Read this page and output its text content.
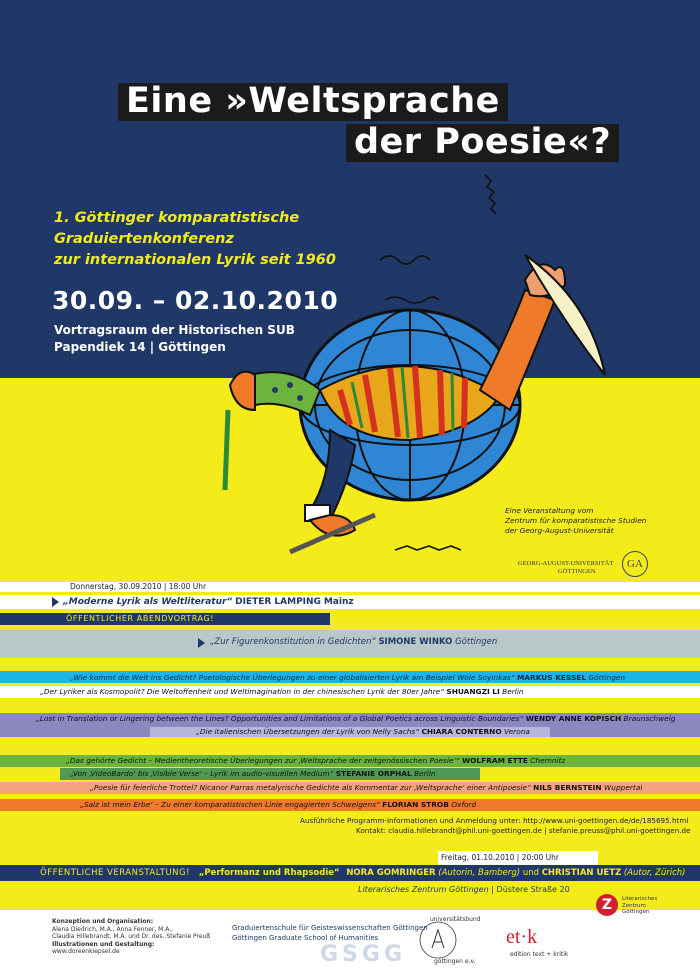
Eine »Weltsprache
der Poesie«?
1. Göttinger komparatistische
Graduiertenkonferenz
zur internationalen Lyrik seit 1960
30.09. – 02.10.2010
Vortragsraum der Historischen SUB
Papendiek 14 | Göttingen
Eine Veranstaltung vom
Zentrum für komparatistische Studien
der Georg-August-Universität
GEORG-AUGUST-UNIVERSITÄT
GÖTTINGEN
GA
Donnerstag, 30.09.2010 | 18:00 Uhr
„Moderne Lyrik als Weltliteratur“ DIETER LAMPING Mainz
ÖFFENTLICHER ABENDVORTRAG!
„Zur Figurenkonstitution in Gedichten“ SIMONE WINKO Göttingen
„Wie kommt die Welt ins Gedicht? Poetologische Überlegungen zu einer globalisierten Lyrik am Beispiel Wole Soyinkas“ MARKUS KESSEL Göttingen
„Der Lyriker als Kosmopolit? Die Weltoffenheit und Weltimagination in der chinesischen Lyrik der 80er Jahre“ SHUANGZI LI Berlin
„Lost in Translation or Lingering between the Lines? Opportunities and Limitations of a Global Poetics across Linguistic Boundaries“ WENDY ANNE KOPISCH Braunschweig
„Die italienischen Übersetzungen der Lyrik von Nelly Sachs“ CHIARA CONTERNO Verona
„Das gehörte Gedicht – Medientheoretische Überlegungen zur ‚Weltsprache der zeitgenössischen Poesie‘“ WOLFRAM ETTE Chemnitz
„Von ‚VideoBardo‘ bis ‚Visible Verse‘ – Lyrik im audio-visuellen Medium“ STEFANIE ORPHAL Berlin
„Poesie für feierliche Trottel? Nicanor Parras metalyrische Gedichte als Kommentar zur ‚Weltsprache‘ einer Antipoesie“ NILS BERNSTEIN Wuppertal
„Salz ist mein Erbe‘ – Zu einer komparatistischen Linie engagierten Schweigens“ FLORIAN STROB Oxford
Ausführliche Programm-Informationen und Anmeldung unter: http://www.uni-goettingen.de/de/185695.html
Kontakt: claudia.hillebrandt@phil.uni-goettingen.de | stefanie.preuss@phil.uni-goettingen.de
Freitag, 01.10.2010 | 20:00 Uhr
ÖFFENTLICHE VERANSTALTUNG! „Performanz und Rhapsodie“ NORA GOMRINGER (Autorin, Bamberg) und CHRISTIAN UETZ (Autor, Zürich)
Literarisches Zentrum Göttingen | Düstere Straße 20
Konzeption und Organisation:
Alena Diedrich, M.A., Anna Fenner, M.A.,
Claudia Hillebrandt, M.A. und Dr. des. Stefanie Preuß
Illustrationen und Gestaltung:
www.doreenkiepsel.de
Graduiertenschule für Geisteswissenschaften Göttingen
Göttingen Graduate School of Humanities
GSGG
universitätsbund
göttingen e.v.
et·k
edition text + kritik
Z	Literarisches
Zentrum
Göttingen
